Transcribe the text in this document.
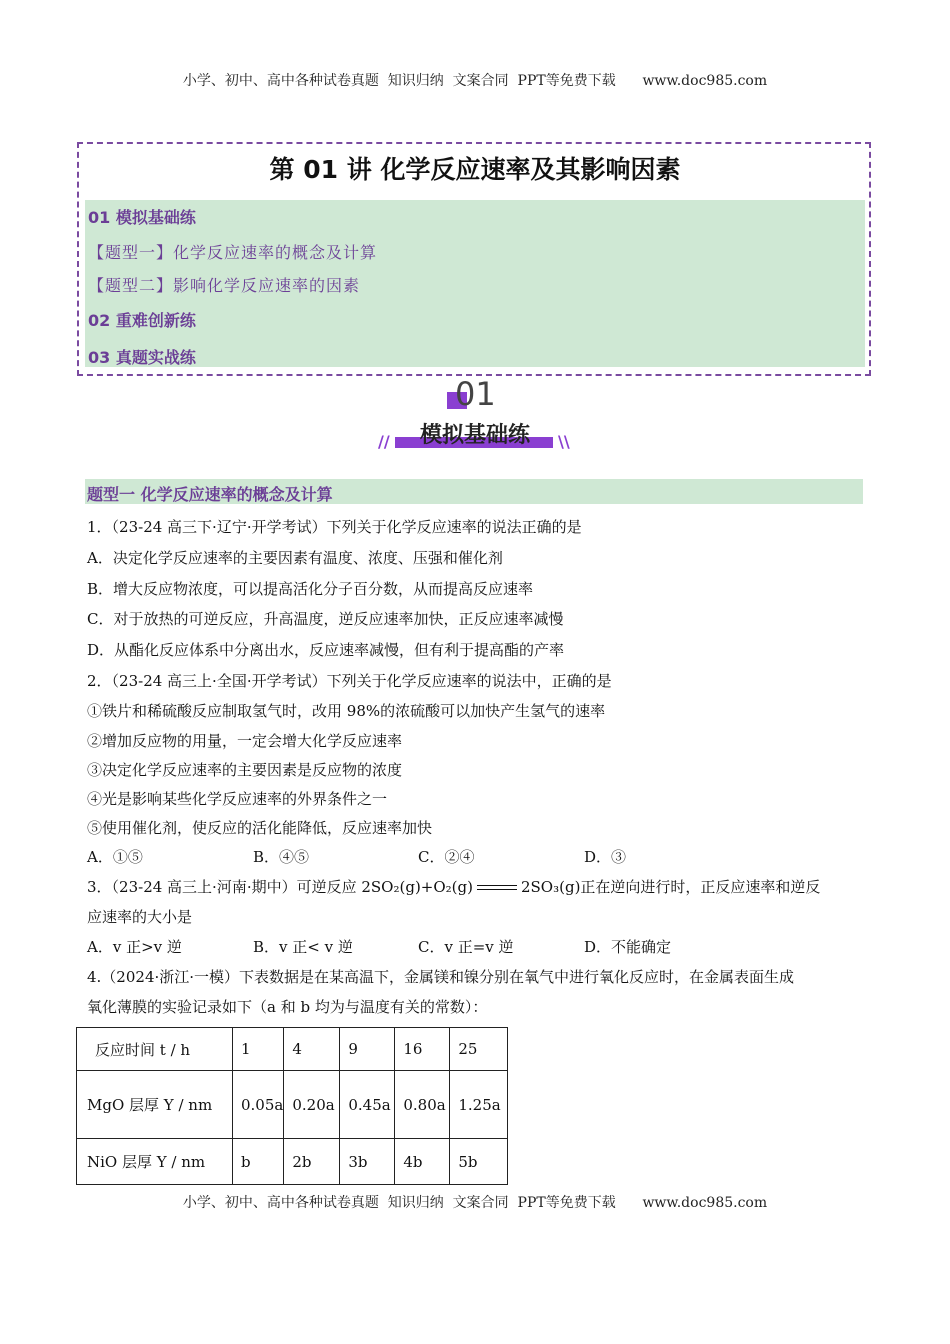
小学、初中、高中各种试卷真题  知识归纳  文案合同  PPT等免费下载      www.doc985.com
第 01 讲 化学反应速率及其影响因素
01 模拟基础练
【题型一】化学反应速率的概念及计算
【题型二】影响化学反应速率的因素
02 重难创新练
03 真题实战练
01
//	\\
模拟基础练
题型一 化学反应速率的概念及计算
1．（23-24 高三下·辽宁·开学考试）下列关于化学反应速率的说法正确的是
A．决定化学反应速率的主要因素有温度、浓度、压强和催化剂
B．增大反应物浓度，可以提高活化分子百分数，从而提高反应速率
C．对于放热的可逆反应，升高温度，逆反应速率加快，正反应速率减慢
D．从酯化反应体系中分离出水，反应速率减慢，但有利于提高酯的产率
2．（23-24 高三上·全国·开学考试）下列关于化学反应速率的说法中，正确的是
①铁片和稀硫酸反应制取氢气时，改用 98%的浓硫酸可以加快产生氢气的速率
②增加反应物的用量，一定会增大化学反应速率
③决定化学反应速率的主要因素是反应物的浓度
④光是影响某些化学反应速率的外界条件之一
⑤使用催化剂，使反应的活化能降低，反应速率加快
A．①⑤	B．④⑤	C．②④	D．③
3．（23-24 高三上·河南·期中）可逆反应 2SO₂(g)+O₂(g)	2SO₃(g)正在逆向进行时，正反应速率和逆反
应速率的大小是
A．v 正>v 逆	B．v 正< v 逆	C．v 正=v 逆	D．不能确定
4.（2024·浙江·一模）下表数据是在某高温下，金属镁和镍分别在氧气中进行氧化反应时，在金属表面生成
氧化薄膜的实验记录如下（a 和 b 均为与温度有关的常数）：
反应时间 t / h	1	4	9	16	25
MgO 层厚 Y / nm	0.05a	0.20a	0.45a	0.80a	1.25a
NiO 层厚 Y / nm	b	2b	3b	4b	5b
小学、初中、高中各种试卷真题  知识归纳  文案合同  PPT等免费下载      www.doc985.com
